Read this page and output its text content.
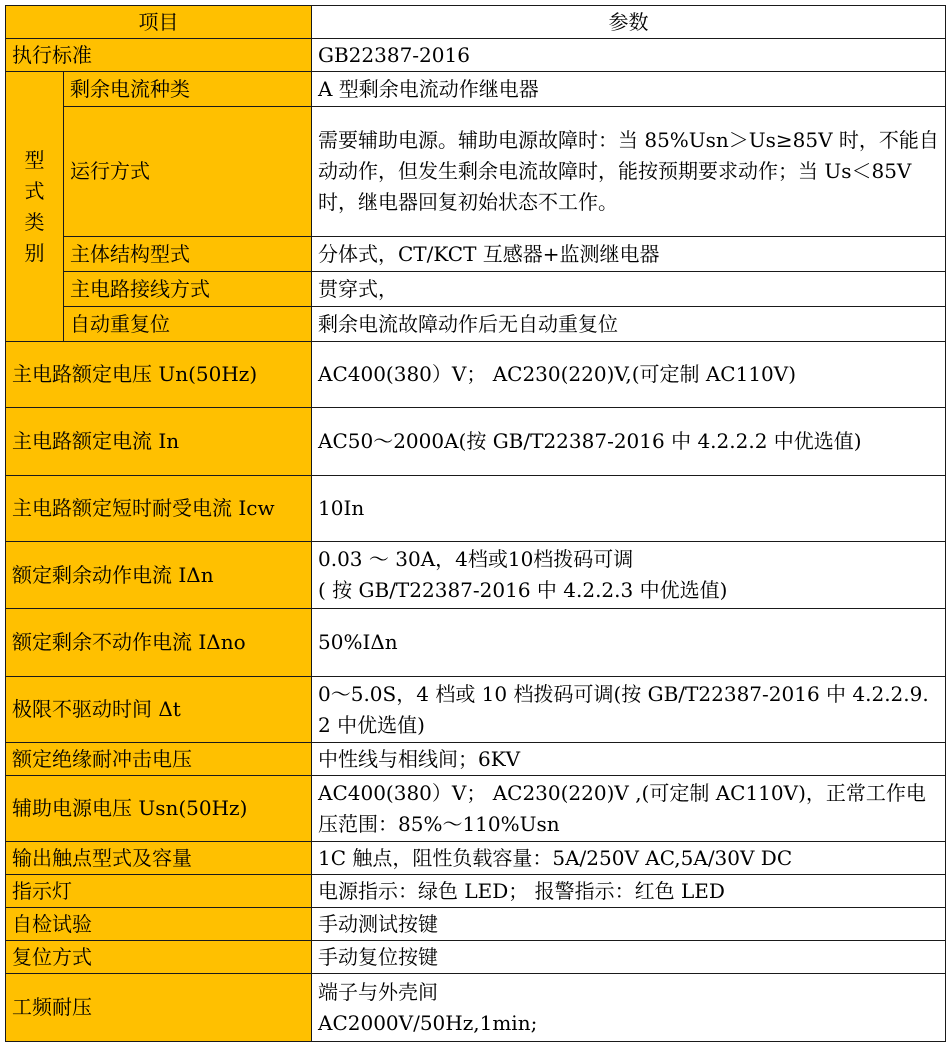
项目		参数
执行标准		GB22387-2016
型式类别	剩余电流种类	A 型剩余电流动作继电器
	运行方式	需要辅助电源。辅助电源故障时：当 85%Usn＞Us≥85V 时，不能自动动作，但发生剩余电流故障时，能按预期要求动作；当 Us＜85V 时，继电器回复初始状态不工作。
	主体结构型式	分体式，CT/KCT 互感器+监测继电器
	主电路接线方式	贯穿式，
	自动重复位	剩余电流故障动作后无自动重复位
主电路额定电压 Un(50Hz)		AC400(380）V； AC230(220)V,(可定制 AC110V)
主电路额定电流 In		AC50～2000A(按 GB/T22387-2016 中 4.2.2.2 中优选值)
主电路额定短时耐受电流 Icw		10In
额定剩余动作电流 IΔn		0.03 ～ 30A，4档或10档拨码可调
( 按 GB/T22387-2016 中 4.2.2.3 中优选值)

额定剩余不动作电流 IΔno		50%IΔn
极限不驱动时间 Δt		0～5.0S，4 档或 10 档拨码可调(按 GB/T22387-2016 中 4.2.2.9.2 中优选值)
额定绝缘耐冲击电压		中性线与相线间；6KV
辅助电源电压 Usn(50Hz)		AC400(380）V； AC230(220)V ,(可定制 AC110V)，正常工作电压范围：85%～110%Usn
输出触点型式及容量		1C 触点，阻性负载容量：5A/250V AC,5A/30V DC
指示灯		电源指示：绿色 LED； 报警指示：红色 LED
自检试验		手动测试按键
复位方式		手动复位按键
工频耐压		端子与外壳间
AC2000V/50Hz,1min;
